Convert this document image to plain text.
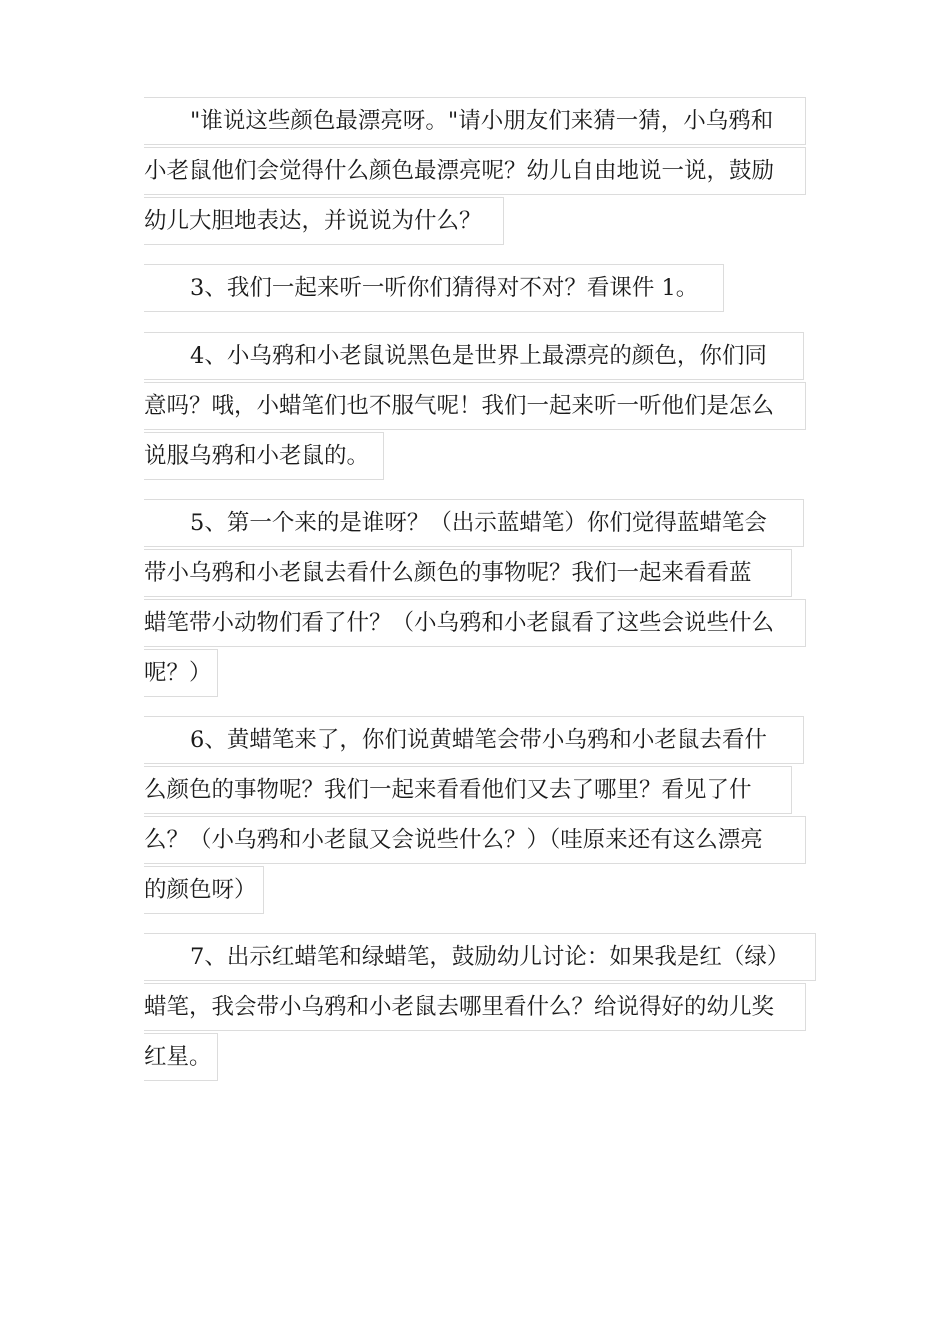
"谁说这些颜色最漂亮呀。"请小朋友们来猜一猜，小乌鸦和
小老鼠他们会觉得什么颜色最漂亮呢？幼儿自由地说一说，鼓励
幼儿大胆地表达，并说说为什么？
3、我们一起来听一听你们猜得对不对？看课件 1。
4、小乌鸦和小老鼠说黑色是世界上最漂亮的颜色，你们同
意吗？哦，小蜡笔们也不服气呢！我们一起来听一听他们是怎么
说服乌鸦和小老鼠的。
5、第一个来的是谁呀？（出示蓝蜡笔）你们觉得蓝蜡笔会
带小乌鸦和小老鼠去看什么颜色的事物呢？我们一起来看看蓝
蜡笔带小动物们看了什？（小乌鸦和小老鼠看了这些会说些什么
呢？）
6、黄蜡笔来了，你们说黄蜡笔会带小乌鸦和小老鼠去看什
么颜色的事物呢？我们一起来看看他们又去了哪里？看见了什
么？（小乌鸦和小老鼠又会说些什么？）（哇原来还有这么漂亮
的颜色呀）
7、出示红蜡笔和绿蜡笔，鼓励幼儿讨论：如果我是红（绿）
蜡笔，我会带小乌鸦和小老鼠去哪里看什么？给说得好的幼儿奖
红星。
